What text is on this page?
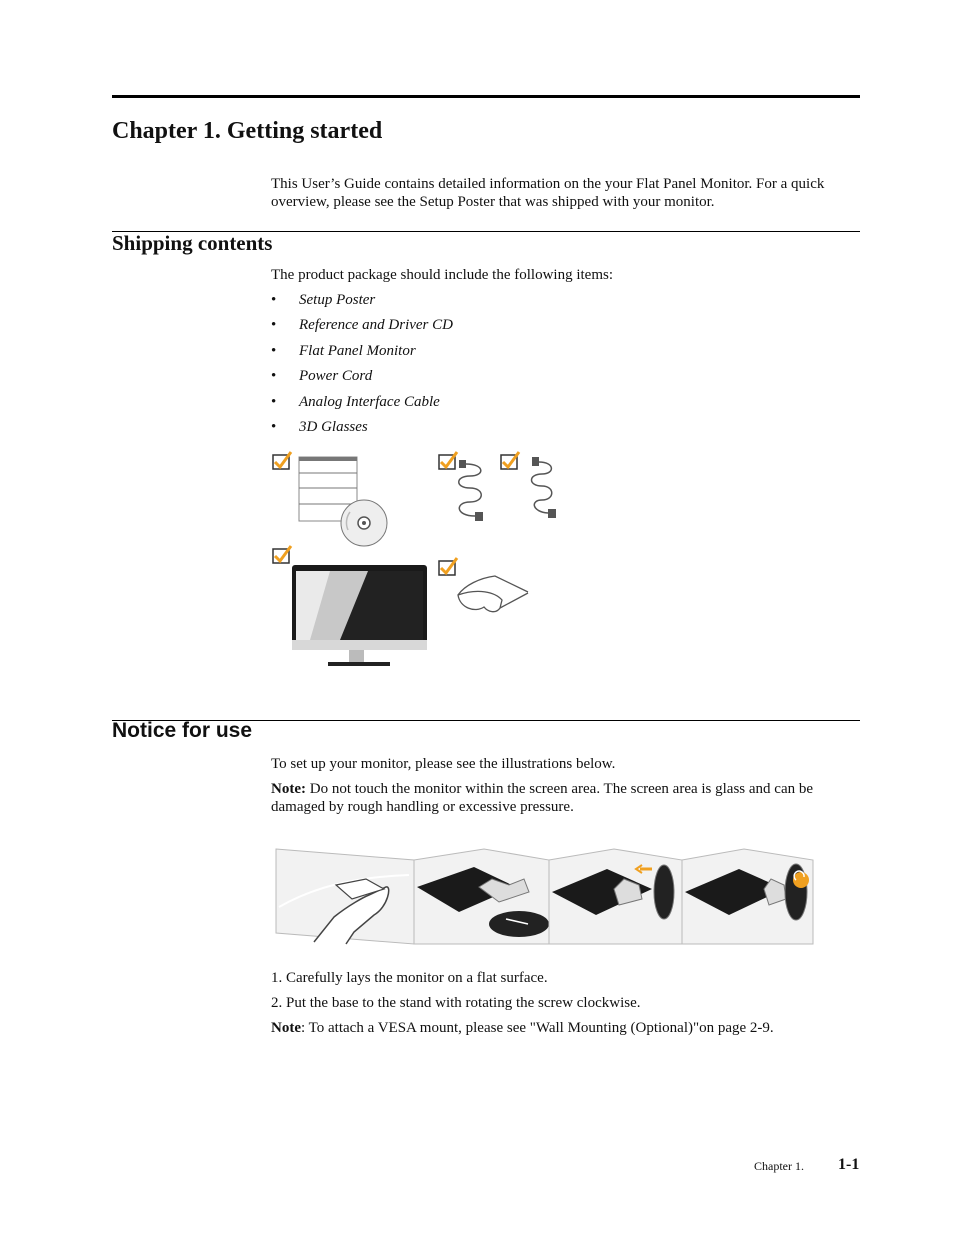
Chapter 1. Getting started
This User’s Guide contains detailed information on the your Flat Panel Monitor. For a quick
overview, please see the Setup Poster that was shipped with your monitor.
Shipping contents
The product package should include the following items:
• Setup Poster
• Reference and Driver CD
• Flat Panel Monitor
• Power Cord
• Analog Interface Cable
• 3D Glasses
Notice for use
To set up your monitor, please see the illustrations below.
Note: Do not touch the monitor within the screen area. The screen area is glass and can be
damaged by rough handling or excessive pressure.
1. Carefully lays the monitor on a flat surface.
2. Put the base to the stand with rotating the screw clockwise.
Note: To attach a VESA mount, please see "Wall Mounting (Optional)"on page 2-9.
Chapter 1. 1-1
